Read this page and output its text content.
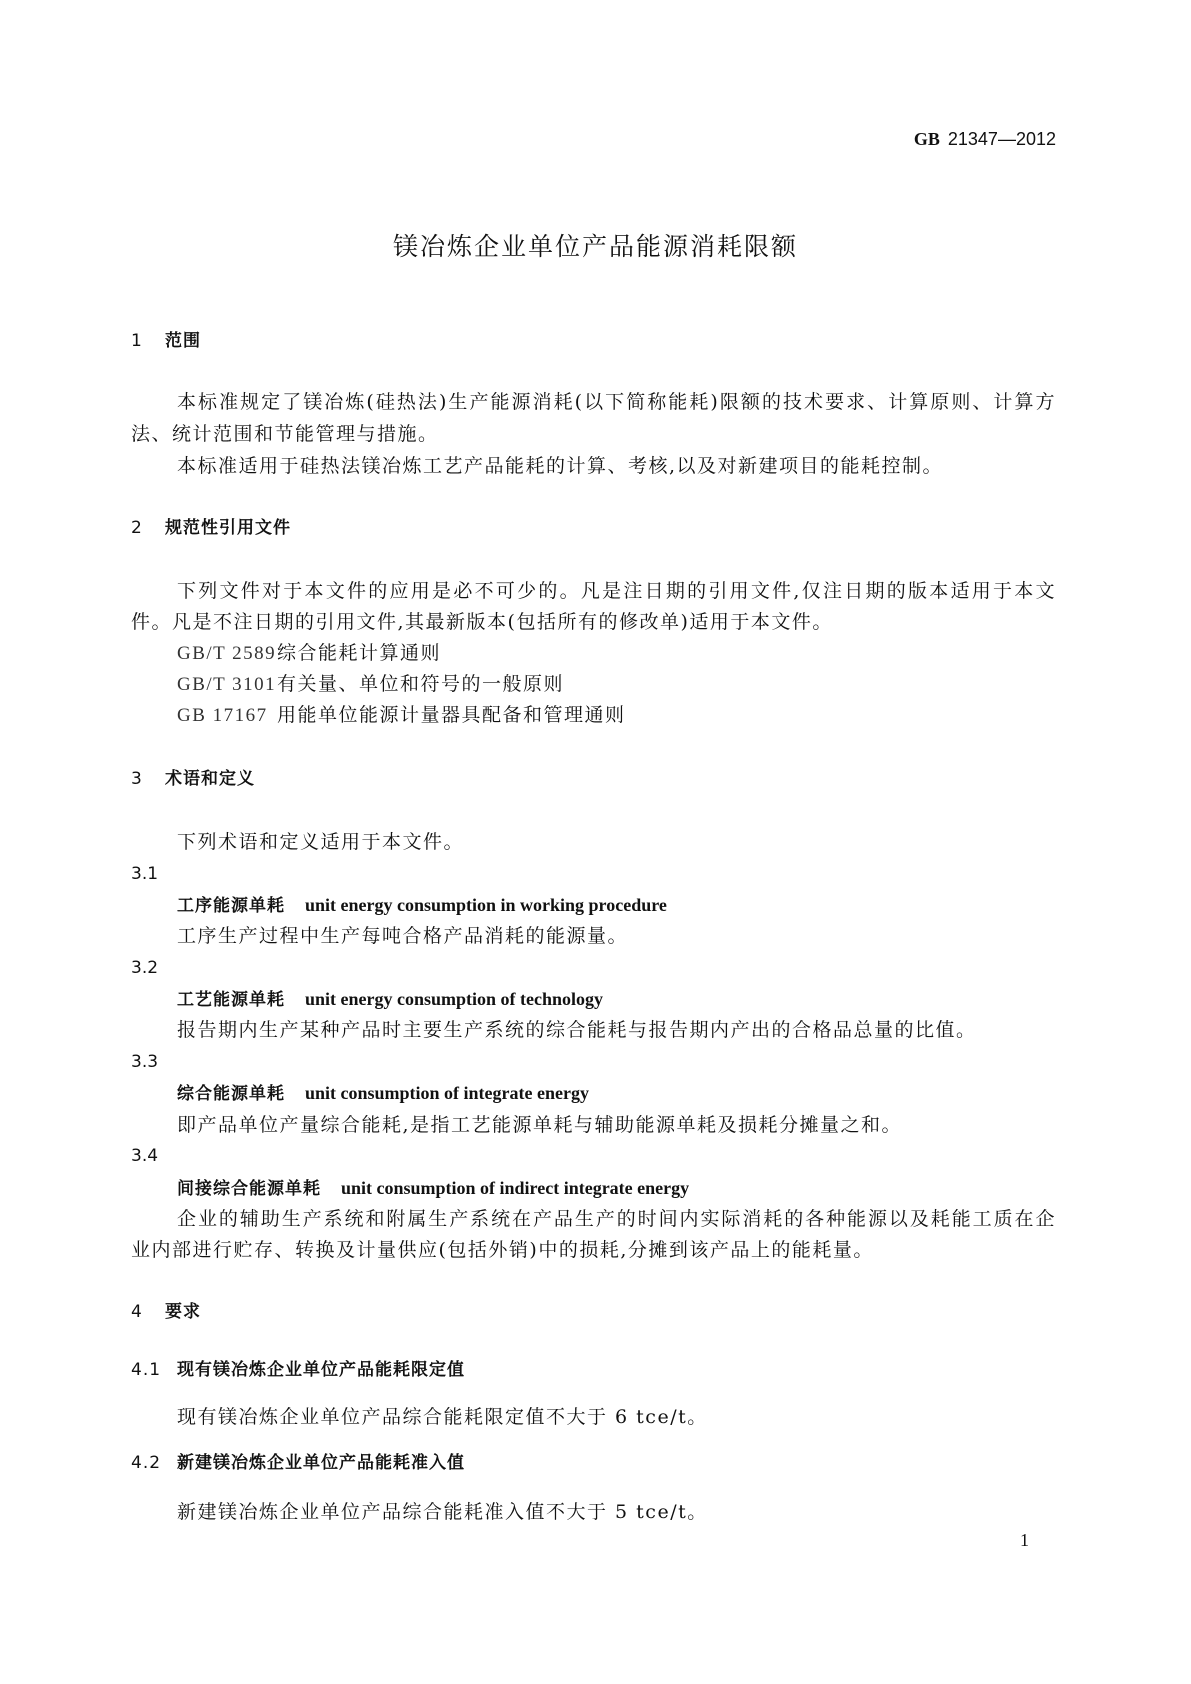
GB 21347—2012
镁冶炼企业单位产品能源消耗限额
1 范围
本标准规定了镁冶炼(硅热法)生产能源消耗(以下简称能耗)限额的技术要求、计算原则、计算方
法、统计范围和节能管理与措施。
本标准适用于硅热法镁冶炼工艺产品能耗的计算、考核,以及对新建项目的能耗控制。
2 规范性引用文件
下列文件对于本文件的应用是必不可少的。凡是注日期的引用文件,仅注日期的版本适用于本文
件。凡是不注日期的引用文件,其最新版本(包括所有的修改单)适用于本文件。
GB/T 2589综合能耗计算通则
GB/T 3101有关量、单位和符号的一般原则
GB 17167 用能单位能源计量器具配备和管理通则
3 术语和定义
下列术语和定义适用于本文件。
3.1
工序能源单耗 unit energy consumption in working procedure
工序生产过程中生产每吨合格产品消耗的能源量。
3.2
工艺能源单耗 unit energy consumption of technology
报告期内生产某种产品时主要生产系统的综合能耗与报告期内产出的合格品总量的比值。
3.3
综合能源单耗 unit consumption of integrate energy
即产品单位产量综合能耗,是指工艺能源单耗与辅助能源单耗及损耗分摊量之和。
3.4
间接综合能源单耗 unit consumption of indirect integrate energy
企业的辅助生产系统和附属生产系统在产品生产的时间内实际消耗的各种能源以及耗能工质在企
业内部进行贮存、转换及计量供应(包括外销)中的损耗,分摊到该产品上的能耗量。
4 要求
4.1 现有镁冶炼企业单位产品能耗限定值
现有镁冶炼企业单位产品综合能耗限定值不大于 6 tce/t。
4.2 新建镁冶炼企业单位产品能耗准入值
新建镁冶炼企业单位产品综合能耗准入值不大于 5 tce/t。
1
